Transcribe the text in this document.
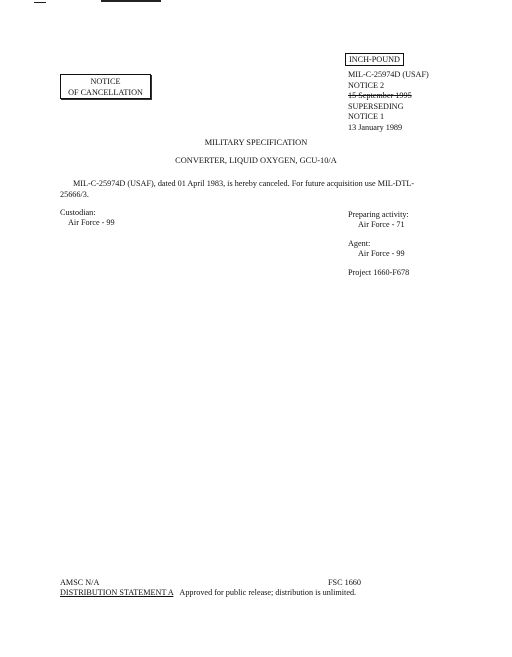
INCH-POUND
MIL-C-25974D (USAF)
NOTICE 2
15 September 1995
SUPERSEDING
NOTICE 1
13 January 1989
NOTICE
OF CANCELLATION
MILITARY SPECIFICATION
CONVERTER, LIQUID OXYGEN, GCU-10/A
MIL-C-25974D (USAF), dated 01 April 1983, is hereby canceled. For future acquisition use MIL-DTL-
25666/3.
Custodian:
Air Force - 99
Preparing activity:
Air Force - 71
Agent:
Air Force - 99
Project 1660-F678
AMSC N/A	FSC 1660
DISTRIBUTION STATEMENT A Approved for public release; distribution is unlimited.
